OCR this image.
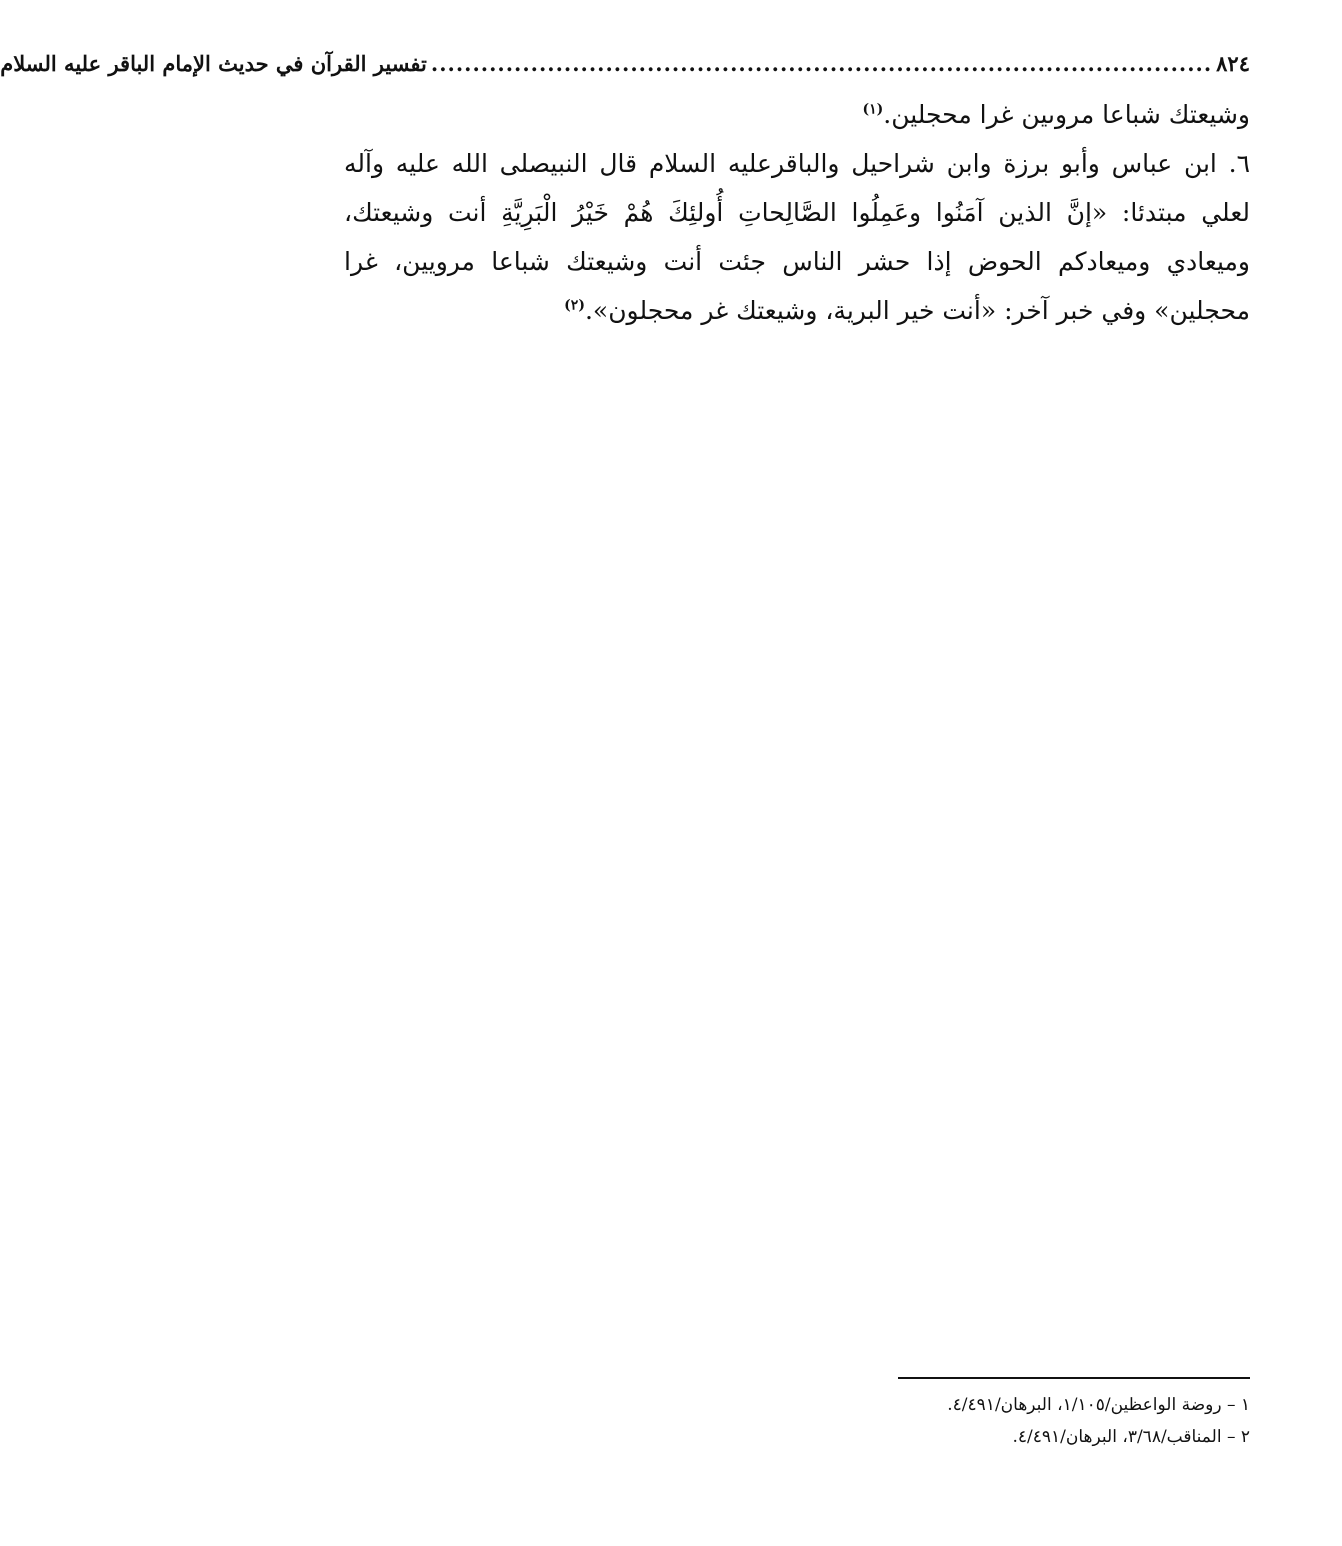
٨٢٤
..............................................................................................
تفسير القرآن في حديث الإمام الباقر عليه السلام

وشيعتك شباعا مروىين غرا محجلين.$^{(١)}$

٦. ابن عباس وأبو برزة وابن شراحيل والباقرعليه السلام قال النبيصلى الله عليه وآله لعلي مبتدئا: «إنَّ الذين آمَنُوا وعَمِلُوا الصَّالِحاتِ أُولئِكَ هُمْ خَيْرُ الْبَرِيَّةِ أنت وشيعتك، وميعادي وميعادكم الحوض إذا حشر الناس جئت أنت وشيعتك شباعا مرويين، غرا محجلين» وفي خبر آخر: «أنت خير البرية، وشيعتك غر محجلون».$^{(٢)}$

١ – روضة الواعظين/١/١٠٥، البرهان/٤/٤٩١.
٢ – المناقب/٣/٦٨، البرهان/٤/٤٩١.
